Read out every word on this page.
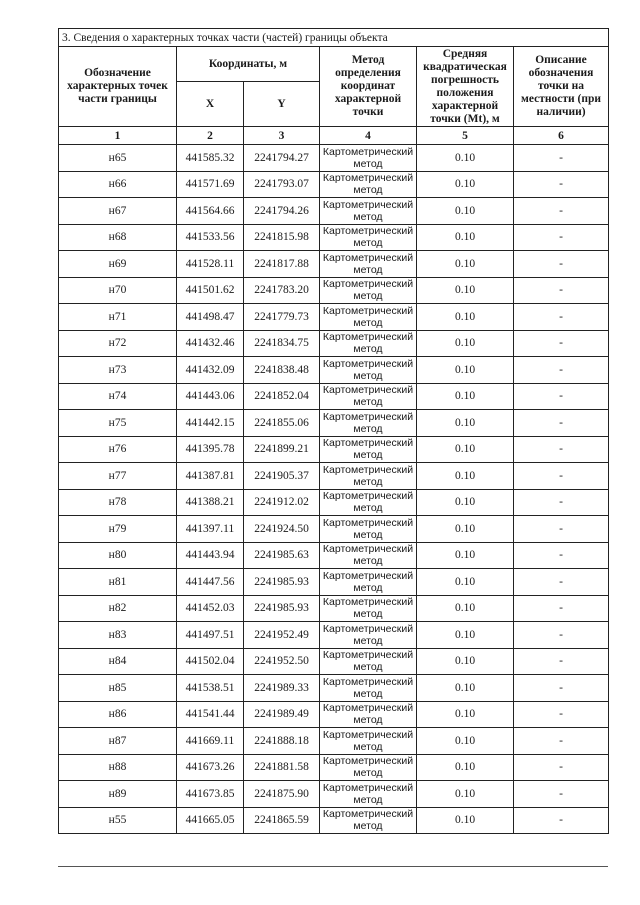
3. Сведения о характерных точках части (частей) границы объекта					
Обозначение характерных точек части границы	Координаты, м		Метод определения координат характерной точки	Средняя квадратическая погрешность положения характерной точки (Mt), м	Описание обозначения точки на местности (при наличии)
	X	Y			
1	2	3	4	5	6
н65	441585.32	2241794.27	Картометрический метод	0.10	-
н66	441571.69	2241793.07	Картометрический метод	0.10	-
н67	441564.66	2241794.26	Картометрический метод	0.10	-
н68	441533.56	2241815.98	Картометрический метод	0.10	-
н69	441528.11	2241817.88	Картометрический метод	0.10	-
н70	441501.62	2241783.20	Картометрический метод	0.10	-
н71	441498.47	2241779.73	Картометрический метод	0.10	-
н72	441432.46	2241834.75	Картометрический метод	0.10	-
н73	441432.09	2241838.48	Картометрический метод	0.10	-
н74	441443.06	2241852.04	Картометрический метод	0.10	-
н75	441442.15	2241855.06	Картометрический метод	0.10	-
н76	441395.78	2241899.21	Картометрический метод	0.10	-
н77	441387.81	2241905.37	Картометрический метод	0.10	-
н78	441388.21	2241912.02	Картометрический метод	0.10	-
н79	441397.11	2241924.50	Картометрический метод	0.10	-
н80	441443.94	2241985.63	Картометрический метод	0.10	-
н81	441447.56	2241985.93	Картометрический метод	0.10	-
н82	441452.03	2241985.93	Картометрический метод	0.10	-
н83	441497.51	2241952.49	Картометрический метод	0.10	-
н84	441502.04	2241952.50	Картометрический метод	0.10	-
н85	441538.51	2241989.33	Картометрический метод	0.10	-
н86	441541.44	2241989.49	Картометрический метод	0.10	-
н87	441669.11	2241888.18	Картометрический метод	0.10	-
н88	441673.26	2241881.58	Картометрический метод	0.10	-
н89	441673.85	2241875.90	Картометрический метод	0.10	-
н55	441665.05	2241865.59	Картометрический метод	0.10	-
